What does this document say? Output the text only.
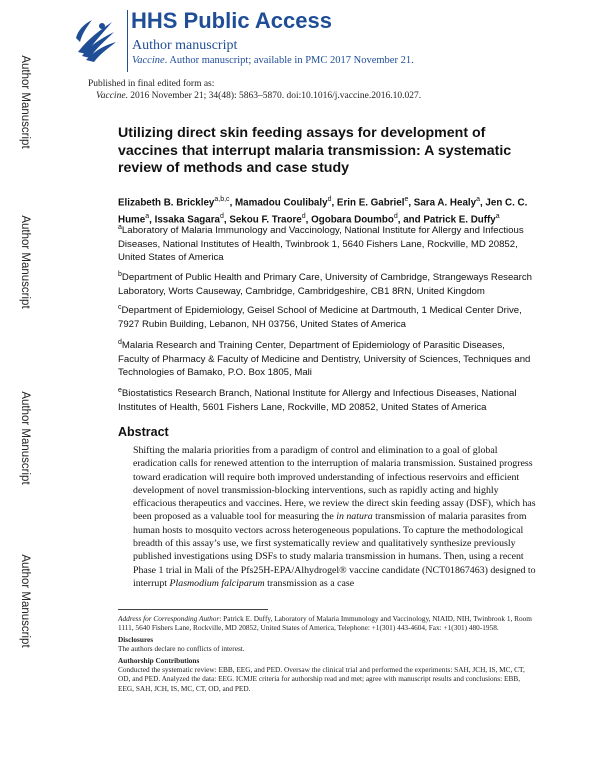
Author Manuscript
Author Manuscript
Author Manuscript
Author Manuscript
HHS Public Access
Author manuscript
Vaccine. Author manuscript; available in PMC 2017 November 21.
Published in final edited form as:
Vaccine. 2016 November 21; 34(48): 5863–5870. doi:10.1016/j.vaccine.2016.10.027.
Utilizing direct skin feeding assays for development of vaccines that interrupt malaria transmission: A systematic review of methods and case study
Elizabeth B. Brickley$^{a,b,c}$, Mamadou Coulibaly$^d$, Erin E. Gabriel$^e$, Sara A. Healy$^a$, Jen C. C. Hume$^a$, Issaka Sagara$^d$, Sekou F. Traore$^d$, Ogobara Doumbo$^d$, and Patrick E. Duffy$^a$
$^a$Laboratory of Malaria Immunology and Vaccinology, National Institute for Allergy and Infectious Diseases, National Institutes of Health, Twinbrook 1, 5640 Fishers Lane, Rockville, MD 20852, United States of America
$^b$Department of Public Health and Primary Care, University of Cambridge, Strangeways Research Laboratory, Worts Causeway, Cambridge, Cambridgeshire, CB1 8RN, United Kingdom
$^c$Department of Epidemiology, Geisel School of Medicine at Dartmouth, 1 Medical Center Drive, 7927 Rubin Building, Lebanon, NH 03756, United States of America
$^d$Malaria Research and Training Center, Department of Epidemiology of Parasitic Diseases, Faculty of Pharmacy & Faculty of Medicine and Dentistry, University of Sciences, Techniques and Technologies of Bamako, P.O. Box 1805, Mali
$^e$Biostatistics Research Branch, National Institute for Allergy and Infectious Diseases, National Institutes of Health, 5601 Fishers Lane, Rockville, MD 20852, United States of America
Abstract
Shifting the malaria priorities from a paradigm of control and elimination to a goal of global eradication calls for renewed attention to the interruption of malaria transmission. Sustained progress toward eradication will require both improved understanding of infectious reservoirs and efficient development of novel transmission-blocking interventions, such as rapidly acting and highly efficacious therapeutics and vaccines. Here, we review the direct skin feeding assay (DSF), which has been proposed as a valuable tool for measuring the in natura transmission of malaria parasites from human hosts to mosquito vectors across heterogeneous populations. To capture the methodological breadth of this assay’s use, we first systematically review and qualitatively synthesize previously published investigations using DSFs to study malaria transmission in humans. Then, using a recent Phase 1 trial in Mali of the Pfs25H-EPA/Alhydrogel® vaccine candidate (NCT01867463) designed to interrupt Plasmodium falciparum transmission as a case
Address for Corresponding Author: Patrick E. Duffy, Laboratory of Malaria Immunology and Vaccinology, NIAID, NIH, Twinbrook 1, Room 1111, 5640 Fishers Lane, Rockville, MD 20852, United States of America, Telephone: +1(301) 443-4604, Fax: +1(301) 480-1958.
Disclosures
The authors declare no conflicts of interest.
Authorship Contributions
Conducted the systematic review: EBB, EEG, and PED. Oversaw the clinical trial and performed the experiments: SAH, JCH, IS, MC, CT, OD, and PED. Analyzed the data: EEG. ICMJE criteria for authorship read and met; agree with manuscript results and conclusions: EBB, EEG, SAH, JCH, IS, MC, CT, OD, and PED.
